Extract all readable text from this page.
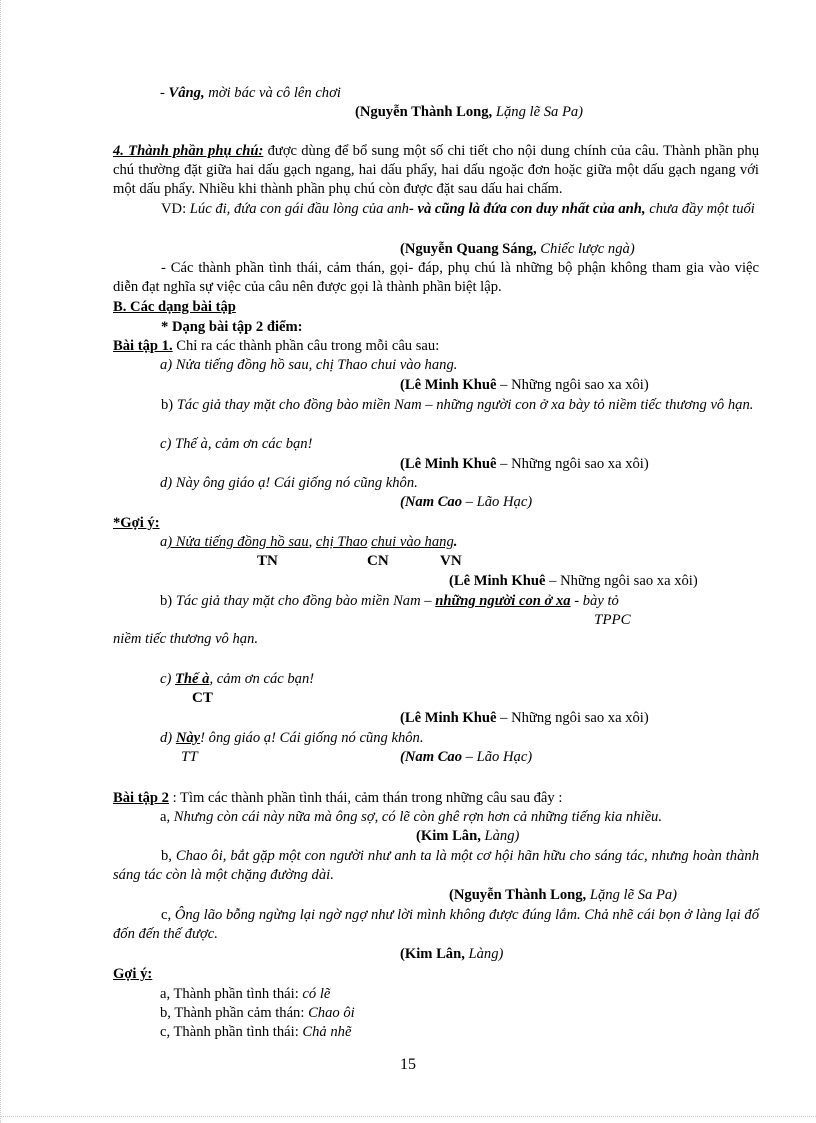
- Vâng, mời bác và cô lên chơi
(Nguyễn Thành Long, Lặng lẽ Sa Pa)
4. Thành phần phụ chú: được dùng để bổ sung một số chi tiết cho nội dung chính của câu. Thành phần phụ chú thường đặt giữa hai dấu gạch ngang, hai dấu phẩy, hai dấu ngoặc đơn hoặc giữa một dấu gạch ngang với một dấu phẩy. Nhiều khi thành phần phụ chú còn được đặt sau dấu hai chấm.
VD: Lúc đi, đứa con gái đầu lòng của anh- và cũng là đứa con duy nhất của anh, chưa đầy một tuổi
(Nguyễn Quang Sáng, Chiếc lược ngà)
- Các thành phần tình thái, cảm thán, gọi- đáp, phụ chú là những bộ phận không tham gia vào việc diễn đạt nghĩa sự việc của câu nên được gọi là thành phần biệt lập.
B. Các dạng bài tập
* Dạng bài tập 2 điểm:
Bài tập 1. Chỉ ra các thành phần câu trong mỗi câu sau:
a) Nửa tiếng đồng hồ sau, chị Thao chui vào hang.
(Lê Minh Khuê – Những ngôi sao xa xôi)
b) Tác giả thay mặt cho đồng bào miền Nam – những người con ở xa bày tỏ niềm tiếc thương vô hạn.
c) Thế à, cảm ơn các bạn!
(Lê Minh Khuê – Những ngôi sao xa xôi)
d) Này ông giáo ạ! Cái giống nó cũng khôn.
(Nam Cao – Lão Hạc)
*Gợi ý:
a) Nửa tiếng đồng hồ sau, chị Thao chui vào hang.
TN	CN	VN
(Lê Minh Khuê – Những ngôi sao xa xôi)
b) Tác giả thay mặt cho đồng bào miền Nam – những người con ở xa - bày tỏ
TPPC
niềm tiếc thương vô hạn.
c) Thế à, cảm ơn các bạn!
CT
(Lê Minh Khuê – Những ngôi sao xa xôi)
d) Này! ông giáo ạ! Cái giống nó cũng khôn.
TT	(Nam Cao – Lão Hạc)
Bài tập 2 : Tìm các thành phần tình thái, cảm thán trong những câu sau đây :
a, Nhưng còn cái này nữa mà ông sợ, có lẽ còn ghê rợn hơn cả những tiếng kia nhiều.
(Kim Lân, Làng)
b, Chao ôi, bắt gặp một con người như anh ta là một cơ hội hãn hữu cho sáng tác, nhưng hoàn thành sáng tác còn là một chặng đường dài.
(Nguyễn Thành Long, Lặng lẽ Sa Pa)
c, Ông lão bỗng ngừng lại ngờ ngợ như lời mình không được đúng lắm. Chả nhẽ cái bọn ở làng lại đổ đốn đến thế được.
(Kim Lân, Làng)
Gợi ý:
a, Thành phần tình thái: có lẽ
b, Thành phần cảm thán: Chao ôi
c, Thành phần tình thái: Chả nhẽ
15
